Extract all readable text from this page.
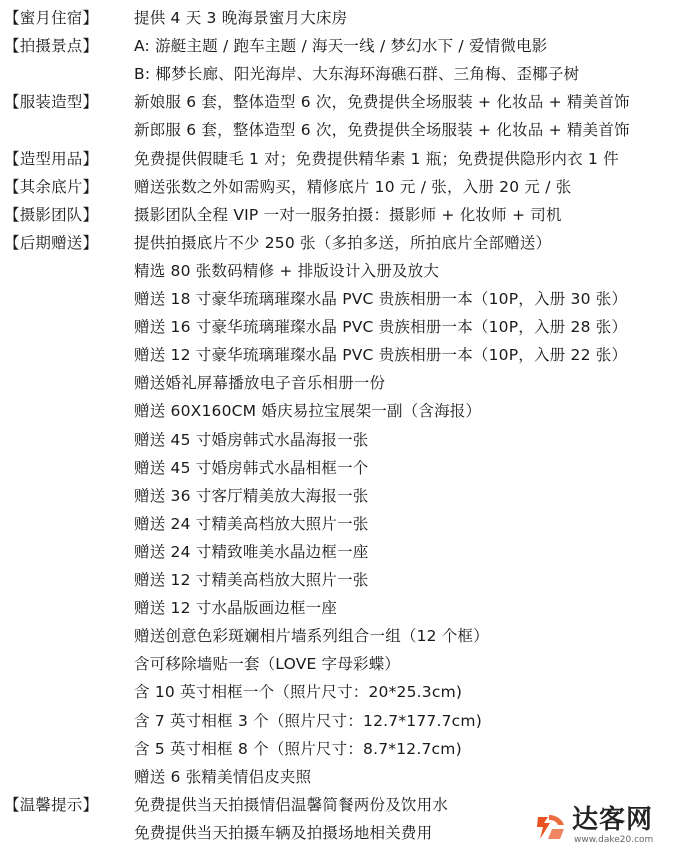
【蜜月住宿】	提供 4 天 3 晚海景蜜月大床房
【拍摄景点】	A: 游艇主题 / 跑车主题 / 海天一线 / 梦幻水下 / 爱情微电影
B: 椰梦长廊、阳光海岸、大东海环海礁石群、三角梅、歪椰子树
【服装造型】	新娘服 6 套，整体造型 6 次，免费提供全场服装 + 化妆品 + 精美首饰
新郎服 6 套，整体造型 6 次，免费提供全场服装 + 化妆品 + 精美首饰
【造型用品】	免费提供假睫毛 1 对；免费提供精华素 1 瓶；免费提供隐形内衣 1 件
【其余底片】	赠送张数之外如需购买，精修底片 10 元 / 张，入册 20 元 / 张
【摄影团队】	摄影团队全程 VIP 一对一服务拍摄：摄影师 + 化妆师 + 司机
【后期赠送】	提供拍摄底片不少 250 张（多拍多送，所拍底片全部赠送）
精选 80 张数码精修 + 排版设计入册及放大
赠送 18 寸豪华琉璃璀璨水晶 PVC 贵族相册一本（10P，入册 30 张）
赠送 16 寸豪华琉璃璀璨水晶 PVC 贵族相册一本（10P，入册 28 张）
赠送 12 寸豪华琉璃璀璨水晶 PVC 贵族相册一本（10P，入册 22 张）
赠送婚礼屏幕播放电子音乐相册一份
赠送 60X160CM 婚庆易拉宝展架一副（含海报）
赠送 45 寸婚房韩式水晶海报一张
赠送 45 寸婚房韩式水晶相框一个
赠送 36 寸客厅精美放大海报一张
赠送 24 寸精美高档放大照片一张
赠送 24 寸精致唯美水晶边框一座
赠送 12 寸精美高档放大照片一张
赠送 12 寸水晶版画边框一座
赠送创意色彩斑斓相片墙系列组合一组（12 个框）
含可移除墙贴一套（LOVE 字母彩蝶）
含 10 英寸相框一个（照片尺寸：20*25.3cm)
含 7 英寸相框 3 个（照片尺寸：12.7*177.7cm)
含 5 英寸相框 8 个（照片尺寸：8.7*12.7cm)
赠送 6 张精美情侣皮夹照
【温馨提示】	免费提供当天拍摄情侣温馨简餐两份及饮用水
免费提供当天拍摄车辆及拍摄场地相关费用	达客网
www.dake20.com
